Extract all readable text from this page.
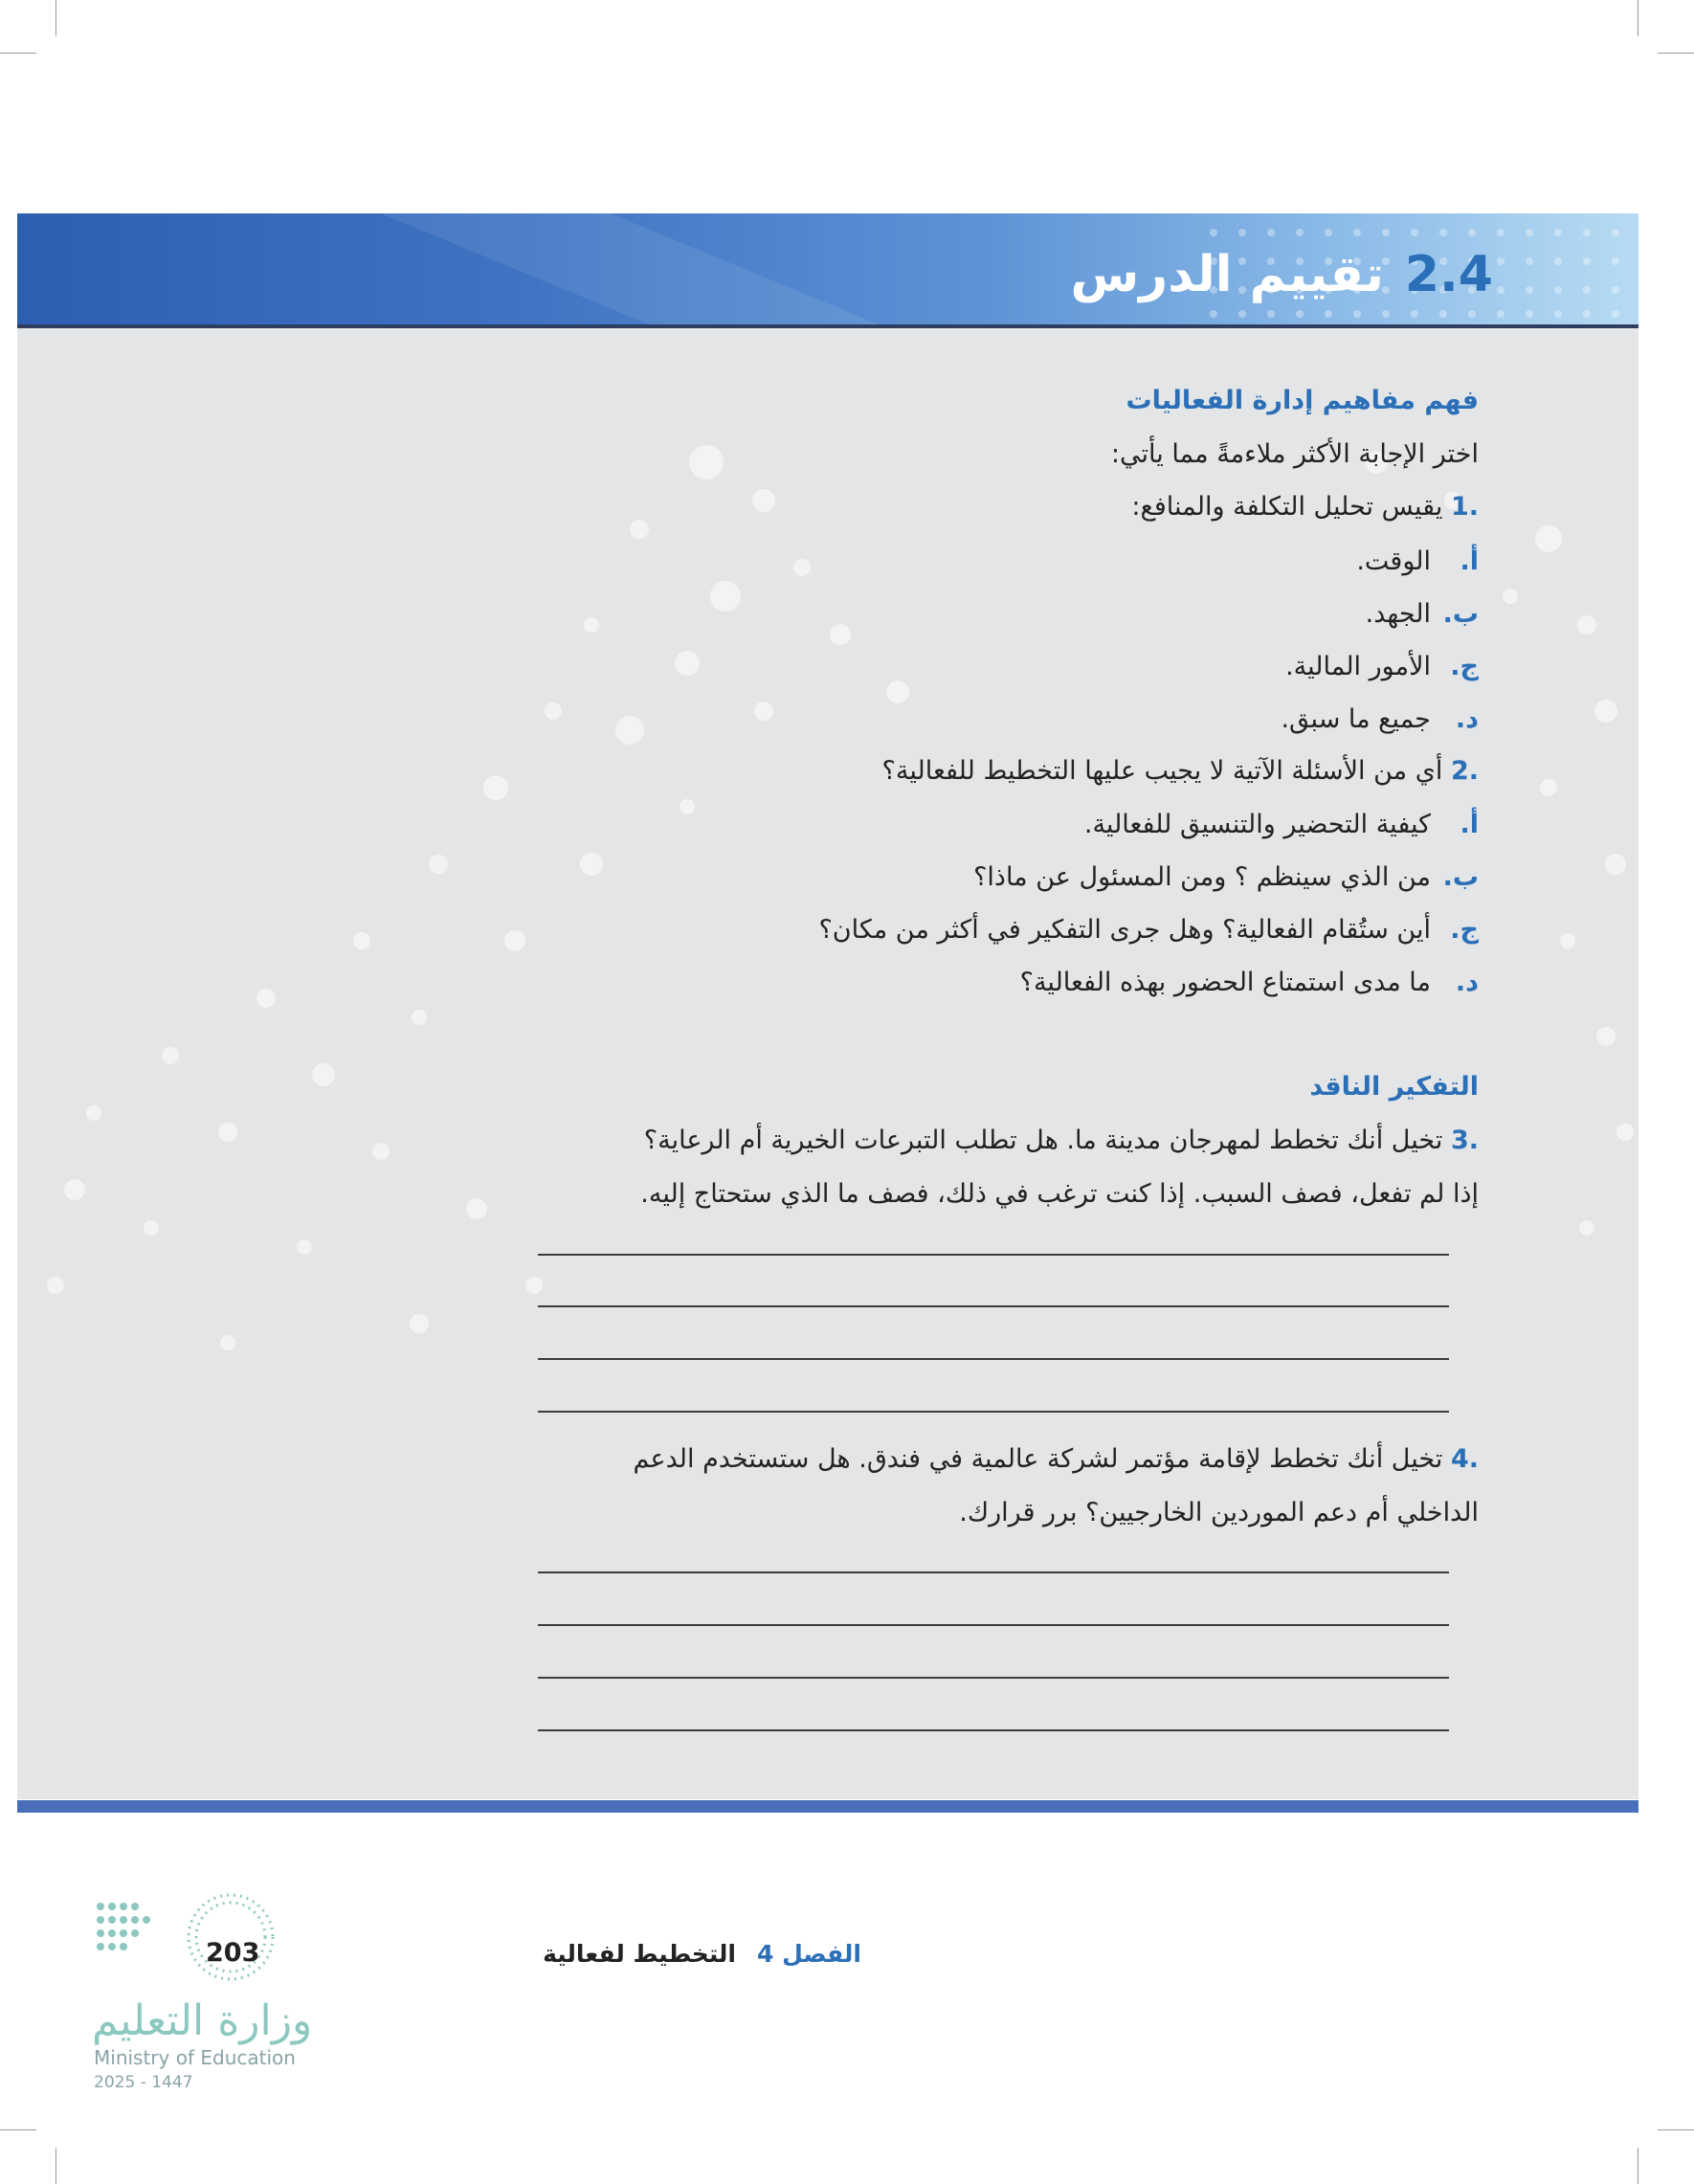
2.4تقييم الدرس
فهم مفاهيم إدارة الفعاليات
اختر الإجابة الأكثر ملاءمةً مما يأتي:
.1 يقيس تحليل التكلفة والمنافع:
أ.الوقت.
ب.الجهد.
ج.الأمور المالية.
د.جميع ما سبق.
.2 أي من الأسئلة الآتية لا يجيب عليها التخطيط للفعالية؟
أ.كيفية التحضير والتنسيق للفعالية.
ب.من الذي سينظم ؟ ومن المسئول عن ماذا؟
ج.أين ستُقام الفعالية؟ وهل جرى التفكير في أكثر من مكان؟
د.ما مدى استمتاع الحضور بهذه الفعالية؟
التفكير الناقد
.3 تخيل أنك تخطط لمهرجان مدينة ما. هل تطلب التبرعات الخيرية أم الرعاية؟
إذا لم تفعل، فصف السبب. إذا كنت ترغب في ذلك، فصف ما الذي ستحتاج إليه.
.4 تخيل أنك تخطط لإقامة مؤتمر لشركة عالمية في فندق. هل ستستخدم الدعم
الداخلي أم دعم الموردين الخارجيين؟ برر قرارك.
الفصل 4التخطيط لفعالية
203
وزارة التعليم
Ministry of Education
2025 - 1447
